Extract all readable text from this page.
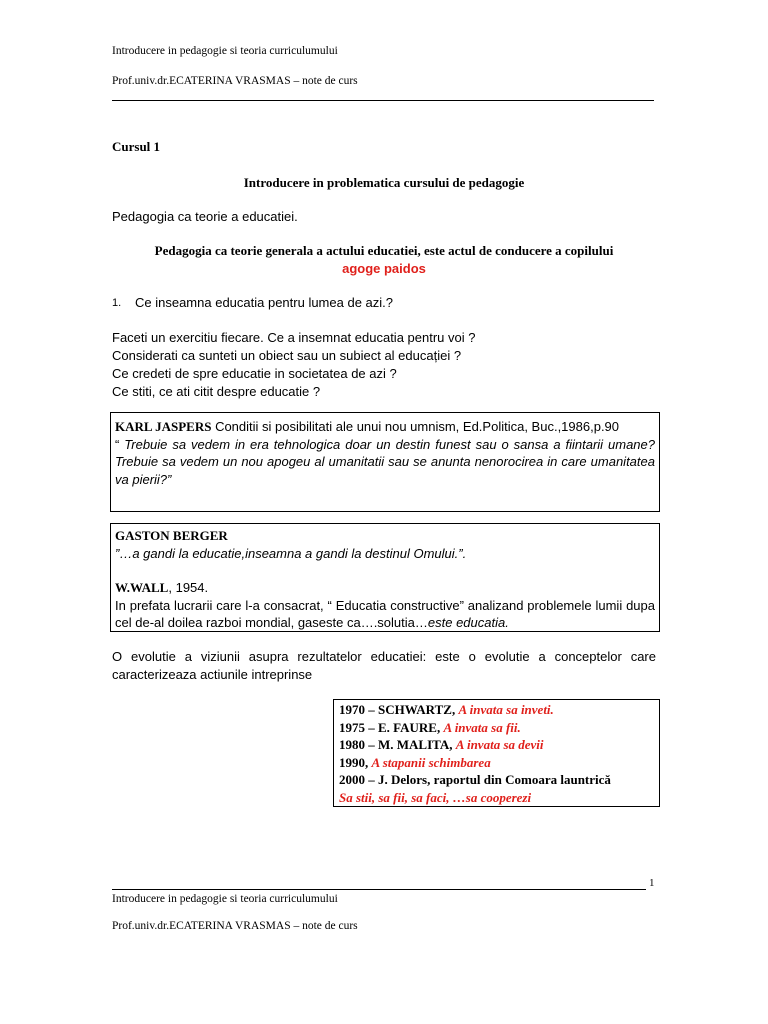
Introducere in pedagogie si teoria curriculumului
Prof.univ.dr.ECATERINA VRASMAS – note de curs
Cursul 1
Introducere in problematica cursului de pedagogie
Pedagogia ca teorie a educatiei.
Pedagogia ca teorie generala a actului educatiei, este actul de conducere a copilului
agoge paidos
1. Ce inseamna educatia pentru lumea de azi.?
Faceti un exercitiu fiecare. Ce a insemnat educatia pentru voi ?
Considerati ca sunteti un obiect sau un subiect al educației ?
Ce credeti de spre educatie in societatea de azi ?
Ce stiti, ce ati citit despre educatie ?

KARL JASPERS Conditii si posibilitati ale unui nou umnism, Ed.Politica, Buc.,1986,p.90

“ Trebuie sa vedem in era tehnologica doar un destin funest sau o sansa a fiintarii umane? Trebuie sa vedem un nou apogeu al umanitatii sau se anunta nenorocirea in care umanitatea va pierii?”

GASTON BERGER

”…a gandi la educatie,inseamna a gandi la destinul Omului.”.

W.WALL, 1954.

In prefata lucrarii care l-a consacrat, “ Educatia constructive” analizand problemele lumii dupa cel de-al doilea razboi mondial, gaseste ca….solutia…este educatia.

O evolutie a viziunii asupra rezultatelor educatiei: este o evolutie a conceptelor care caracterizeaza actiunile intreprinse
1970 – SCHWARTZ, A invata sa inveti.
1975 – E. FAURE, A invata sa fii.
1980 – M. MALITA, A invata sa devii
1990, A stapanii schimbarea
2000 – J. Delors, raportul din Comoara launtrică
Sa stii, sa fii, sa faci, …sa cooperezi
1
Introducere in pedagogie si teoria curriculumului
Prof.univ.dr.ECATERINA VRASMAS – note de curs
